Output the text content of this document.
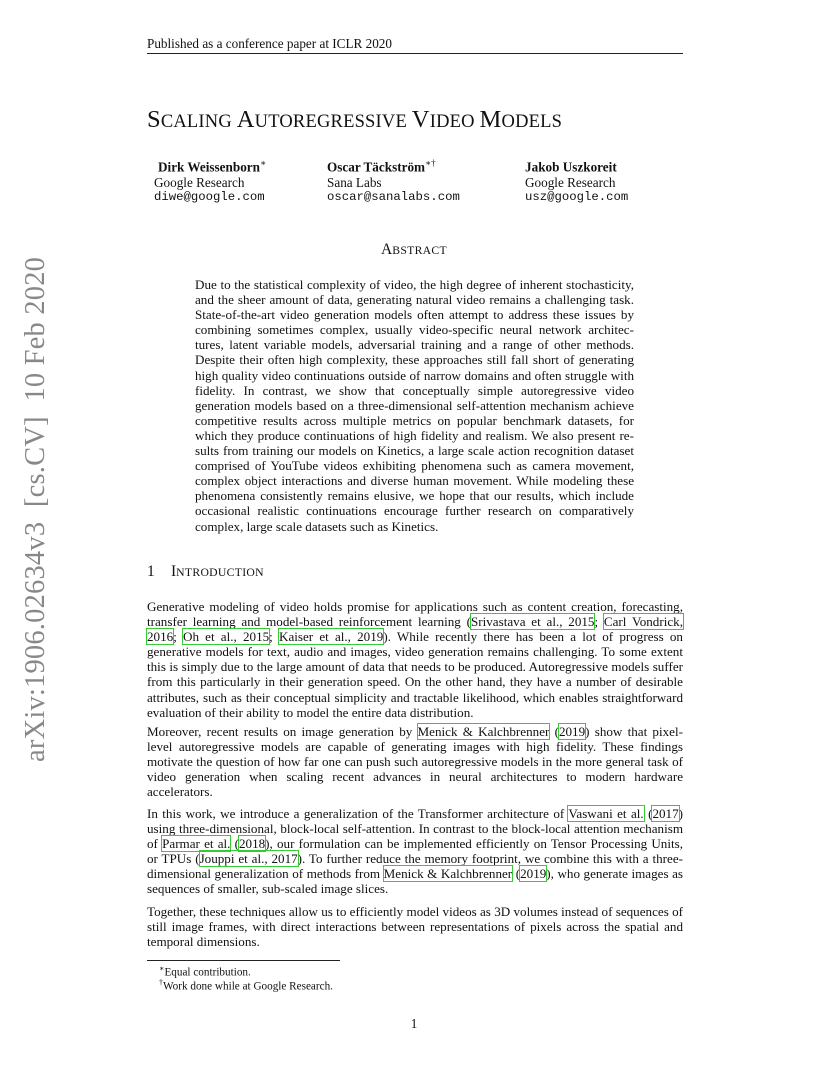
Published as a conference paper at ICLR 2020
SCALING AUTOREGRESSIVE VIDEO MODELS
Dirk Weissenborn∗
Google Research
diwe@google.com
Oscar Täckström∗†
Sana Labs
oscar@sanalabs.com
Jakob Uszkoreit
Google Research
usz@google.com
ABSTRACT
Due to the statistical complexity of video, the high degree of inherent stochasticity, and the sheer amount of data, generating natural video remains a challenging task. State-of-the-art video generation models often attempt to address these issues by combining sometimes complex, usually video-specific neural network architectures, latent variable models, adversarial training and a range of other methods. Despite their often high complexity, these approaches still fall short of generating high quality video continuations outside of narrow domains and often struggle with fidelity. In contrast, we show that conceptually simple autoregressive video generation models based on a three-dimensional self-attention mechanism achieve competitive results across multiple metrics on popular benchmark datasets, for which they produce continuations of high fidelity and realism. We also present results from training our models on Kinetics, a large scale action recognition dataset comprised of YouTube videos exhibiting phenomena such as camera movement, complex object interactions and diverse human movement. While modeling these phenomena consistently remains elusive, we hope that our results, which include occasional realistic continuations encourage further research on comparatively complex, large scale datasets such as Kinetics.
1 INTRODUCTION
Generative modeling of video holds promise for applications such as content creation, forecasting, transfer learning and model-based reinforcement learning (Srivastava et al., 2015; Carl Vondrick, 2016; Oh et al., 2015; Kaiser et al., 2019). While recently there has been a lot of progress on generative models for text, audio and images, video generation remains challenging. To some extent this is simply due to the large amount of data that needs to be produced. Autoregressive models suffer from this particularly in their generation speed. On the other hand, they have a number of desirable attributes, such as their conceptual simplicity and tractable likelihood, which enables straightforward evaluation of their ability to model the entire data distribution.
Moreover, recent results on image generation by Menick & Kalchbrenner (2019) show that pixel-level autoregressive models are capable of generating images with high fidelity. These findings motivate the question of how far one can push such autoregressive models in the more general task of video generation when scaling recent advances in neural architectures to modern hardware accelerators.
In this work, we introduce a generalization of the Transformer architecture of Vaswani et al. (2017) using three-dimensional, block-local self-attention. In contrast to the block-local attention mechanism of Parmar et al. (2018), our formulation can be implemented efficiently on Tensor Processing Units, or TPUs (Jouppi et al., 2017). To further reduce the memory footprint, we combine this with a three-dimensional generalization of methods from Menick & Kalchbrenner (2019), who generate images as sequences of smaller, sub-scaled image slices.
Together, these techniques allow us to efficiently model videos as 3D volumes instead of sequences of still image frames, with direct interactions between representations of pixels across the spatial and temporal dimensions.
∗Equal contribution.
†Work done while at Google Research.
1
arXiv:1906.02634v3  [cs.CV]  10 Feb 2020
